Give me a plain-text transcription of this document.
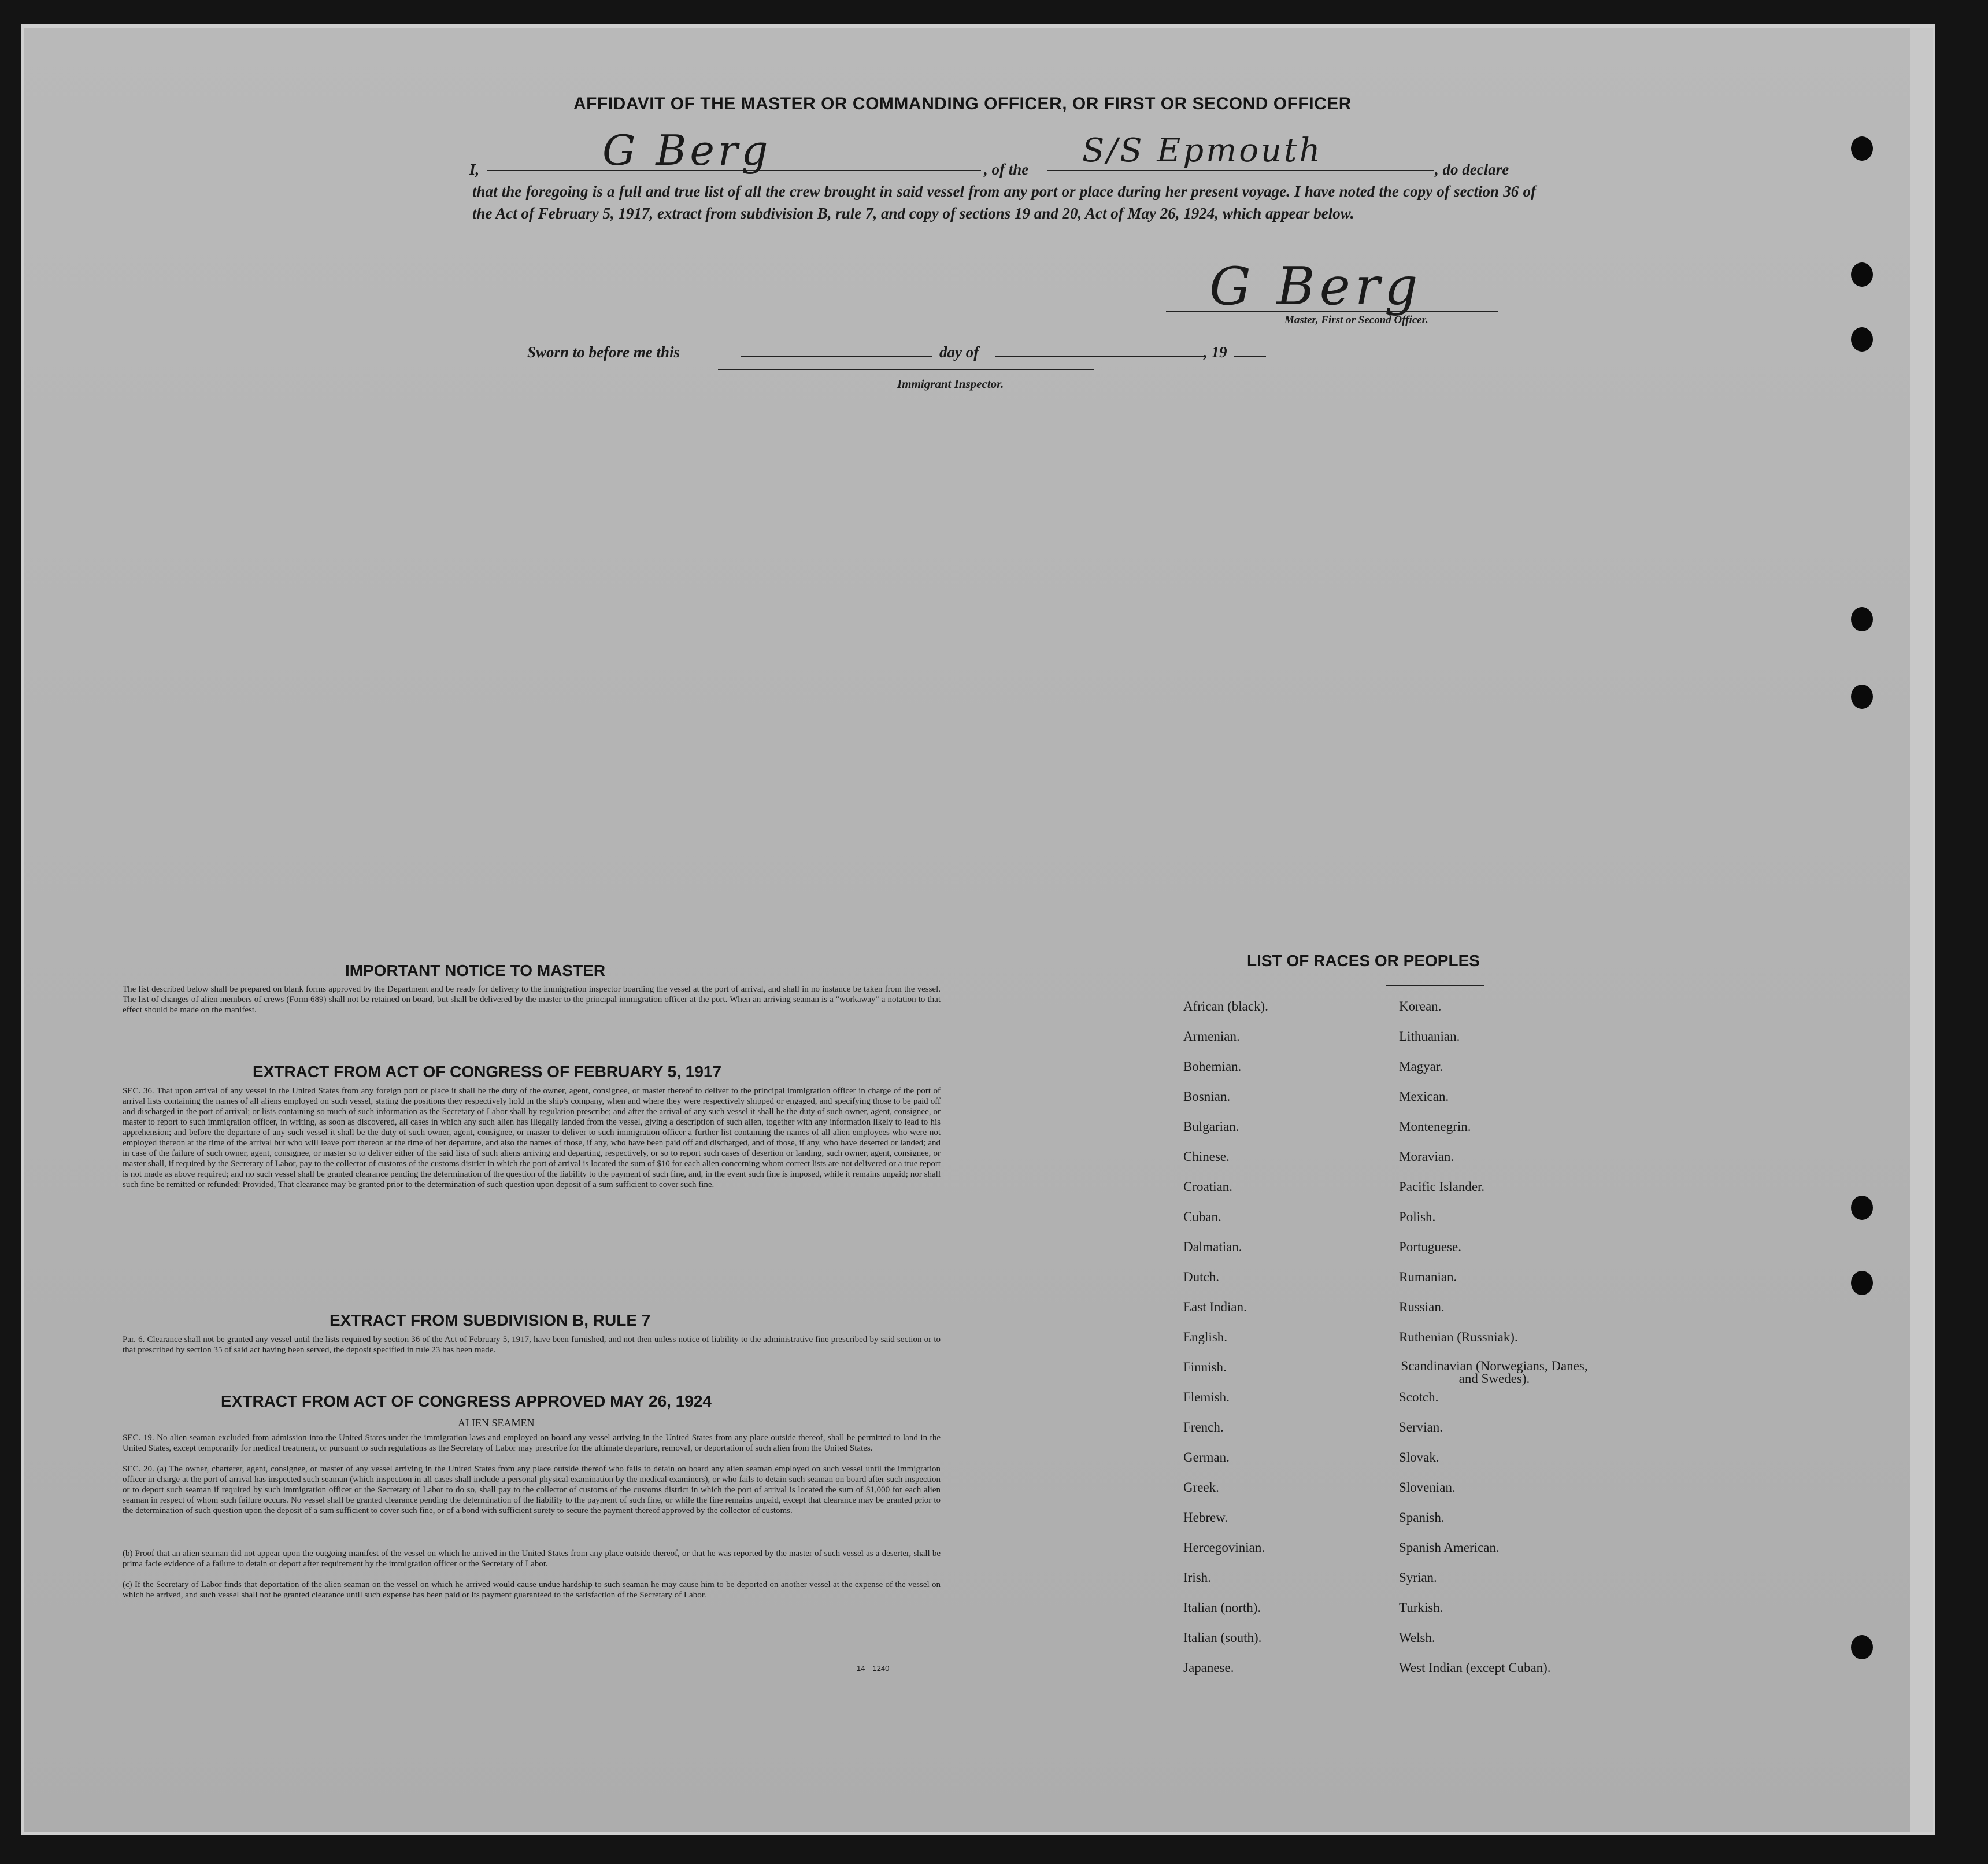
AFFIDAVIT OF THE MASTER OR COMMANDING OFFICER, OR FIRST OR SECOND OFFICER
I,	G Berg	, of the S/S Epmouth	, do declare
that the foregoing is a full and true list of all the crew brought in said vessel from any port or place during her present voyage. I have noted the copy of section 36 of the Act of February 5, 1917, extract from subdivision B, rule 7, and copy of sections 19 and 20, Act of May 26, 1924, which appear below.
G Berg
Master, First or Second Officer.
Sworn to before me this	day of	, 19
Immigrant Inspector.
IMPORTANT NOTICE TO MASTER
The list described below shall be prepared on blank forms approved by the Department and be ready for delivery to the immigration inspector boarding the vessel at the port of arrival, and shall in no instance be taken from the vessel. The list of changes of alien members of crews (Form 689) shall not be retained on board, but shall be delivered by the master to the principal immigration officer at the port. When an arriving seaman is a "workaway" a notation to that effect should be made on the manifest.
EXTRACT FROM ACT OF CONGRESS OF FEBRUARY 5, 1917
SEC. 36. That upon arrival of any vessel in the United States from any foreign port or place it shall be the duty of the owner, agent, consignee, or master thereof to deliver to the principal immigration officer in charge of the port of arrival lists containing the names of all aliens employed on such vessel, stating the positions they respectively hold in the ship's company, when and where they were respectively shipped or engaged, and specifying those to be paid off and discharged in the port of arrival; or lists containing so much of such information as the Secretary of Labor shall by regulation prescribe; and after the arrival of any such vessel it shall be the duty of such owner, agent, consignee, or master to report to such immigration officer, in writing, as soon as discovered, all cases in which any such alien has illegally landed from the vessel, giving a description of such alien, together with any information likely to lead to his apprehension; and before the departure of any such vessel it shall be the duty of such owner, agent, consignee, or master to deliver to such immigration officer a further list containing the names of all alien employees who were not employed thereon at the time of the arrival but who will leave port thereon at the time of her departure, and also the names of those, if any, who have been paid off and discharged, and of those, if any, who have deserted or landed; and in case of the failure of such owner, agent, consignee, or master so to deliver either of the said lists of such aliens arriving and departing, respectively, or so to report such cases of desertion or landing, such owner, agent, consignee, or master shall, if required by the Secretary of Labor, pay to the collector of customs of the customs district in which the port of arrival is located the sum of $10 for each alien concerning whom correct lists are not delivered or a true report is not made as above required; and no such vessel shall be granted clearance pending the determination of the question of the liability to the payment of such fine, and, in the event such fine is imposed, while it remains unpaid; nor shall such fine be remitted or refunded: Provided, That clearance may be granted prior to the determination of such question upon deposit of a sum sufficient to cover such fine.
EXTRACT FROM SUBDIVISION B, RULE 7
Par. 6. Clearance shall not be granted any vessel until the lists required by section 36 of the Act of February 5, 1917, have been furnished, and not then unless notice of liability to the administrative fine prescribed by said section or to that prescribed by section 35 of said act having been served, the deposit specified in rule 23 has been made.
EXTRACT FROM ACT OF CONGRESS APPROVED MAY 26, 1924
ALIEN SEAMEN
SEC. 19. No alien seaman excluded from admission into the United States under the immigration laws and employed on board any vessel arriving in the United States from any place outside thereof, shall be permitted to land in the United States, except temporarily for medical treatment, or pursuant to such regulations as the Secretary of Labor may prescribe for the ultimate departure, removal, or deportation of such alien from the United States.
SEC. 20. (a) The owner, charterer, agent, consignee, or master of any vessel arriving in the United States from any place outside thereof who fails to detain on board any alien seaman employed on such vessel until the immigration officer in charge at the port of arrival has inspected such seaman (which inspection in all cases shall include a personal physical examination by the medical examiners), or who fails to detain such seaman on board after such inspection or to deport such seaman if required by such immigration officer or the Secretary of Labor to do so, shall pay to the collector of customs of the customs district in which the port of arrival is located the sum of $1,000 for each alien seaman in respect of whom such failure occurs. No vessel shall be granted clearance pending the determination of the liability to the payment of such fine, or while the fine remains unpaid, except that clearance may be granted prior to the determination of such question upon the deposit of a sum sufficient to cover such fine, or of a bond with sufficient surety to secure the payment thereof approved by the collector of customs.
(b) Proof that an alien seaman did not appear upon the outgoing manifest of the vessel on which he arrived in the United States from any place outside thereof, or that he was reported by the master of such vessel as a deserter, shall be prima facie evidence of a failure to detain or deport after requirement by the immigration officer or the Secretary of Labor.
(c) If the Secretary of Labor finds that deportation of the alien seaman on the vessel on which he arrived would cause undue hardship to such seaman he may cause him to be deported on another vessel at the expense of the vessel on which he arrived, and such vessel shall not be granted clearance until such expense has been paid or its payment guaranteed to the satisfaction of the Secretary of Labor.
14—1240
LIST OF RACES OR PEOPLES
African (black).
Armenian.
Bohemian.
Bosnian.
Bulgarian.
Chinese.
Croatian.
Cuban.
Dalmatian.
Dutch.
East Indian.
English.
Finnish.
Flemish.
French.
German.
Greek.
Hebrew.
Hercegovinian.
Irish.
Italian (north).
Italian (south).
Japanese.
Korean.
Lithuanian.
Magyar.
Mexican.
Montenegrin.
Moravian.
Pacific Islander.
Polish.
Portuguese.
Rumanian.
Russian.
Ruthenian (Russniak).
Scandinavian (Norwegians, Danes, and Swedes).
Scotch.
Servian.
Slovak.
Slovenian.
Spanish.
Spanish American.
Syrian.
Turkish.
Welsh.
West Indian (except Cuban).
